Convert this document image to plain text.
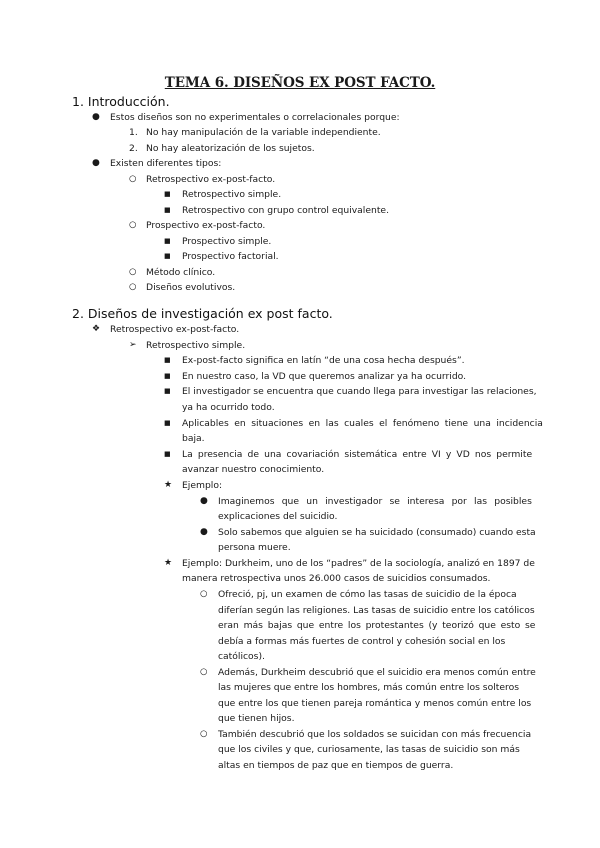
TEMA 6. DISEÑOS EX POST FACTO.
1. Introducción.
● Estos diseños son no experimentales o correlacionales porque:
1. No hay manipulación de la variable independiente.
2. No hay aleatorización de los sujetos.
● Existen diferentes tipos:
○ Retrospectivo ex-post-facto.
■ Retrospectivo simple.
■ Retrospectivo con grupo control equivalente.
○ Prospectivo ex-post-facto.
■ Prospectivo simple.
■ Prospectivo factorial.
○ Método clínico.
○ Diseños evolutivos.
2. Diseños de investigación ex post facto.
❖ Retrospectivo ex-post-facto.
➢ Retrospectivo simple.
■ Ex-post-facto significa en latín “de una cosa hecha después”.
■ En nuestro caso, la VD que queremos analizar ya ha ocurrido.
■ El investigador se encuentra que cuando llega para investigar las relaciones,
ya ha ocurrido todo.
■ Aplicables en situaciones en las cuales el fenómeno tiene una incidencia
baja.
■ La presencia de una covariación sistemática entre VI y VD nos permite
avanzar nuestro conocimiento.
★ Ejemplo:
● Imaginemos que un investigador se interesa por las posibles
explicaciones del suicidio.
● Solo sabemos que alguien se ha suicidado (consumado) cuando esta
persona muere.
★ Ejemplo: Durkheim, uno de los “padres” de la sociología, analizó en 1897 de
manera retrospectiva unos 26.000 casos de suicidios consumados.
○ Ofreció, pj, un examen de cómo las tasas de suicidio de la época
diferían según las religiones. Las tasas de suicidio entre los católicos
eran más bajas que entre los protestantes (y teorizó que esto se
debía a formas más fuertes de control y cohesión social en los
católicos).
○ Además, Durkheim descubrió que el suicidio era menos común entre
las mujeres que entre los hombres, más común entre los solteros
que entre los que tienen pareja romántica y menos común entre los
que tienen hijos.
○ También descubrió que los soldados se suicidan con más frecuencia
que los civiles y que, curiosamente, las tasas de suicidio son más
altas en tiempos de paz que en tiempos de guerra.
